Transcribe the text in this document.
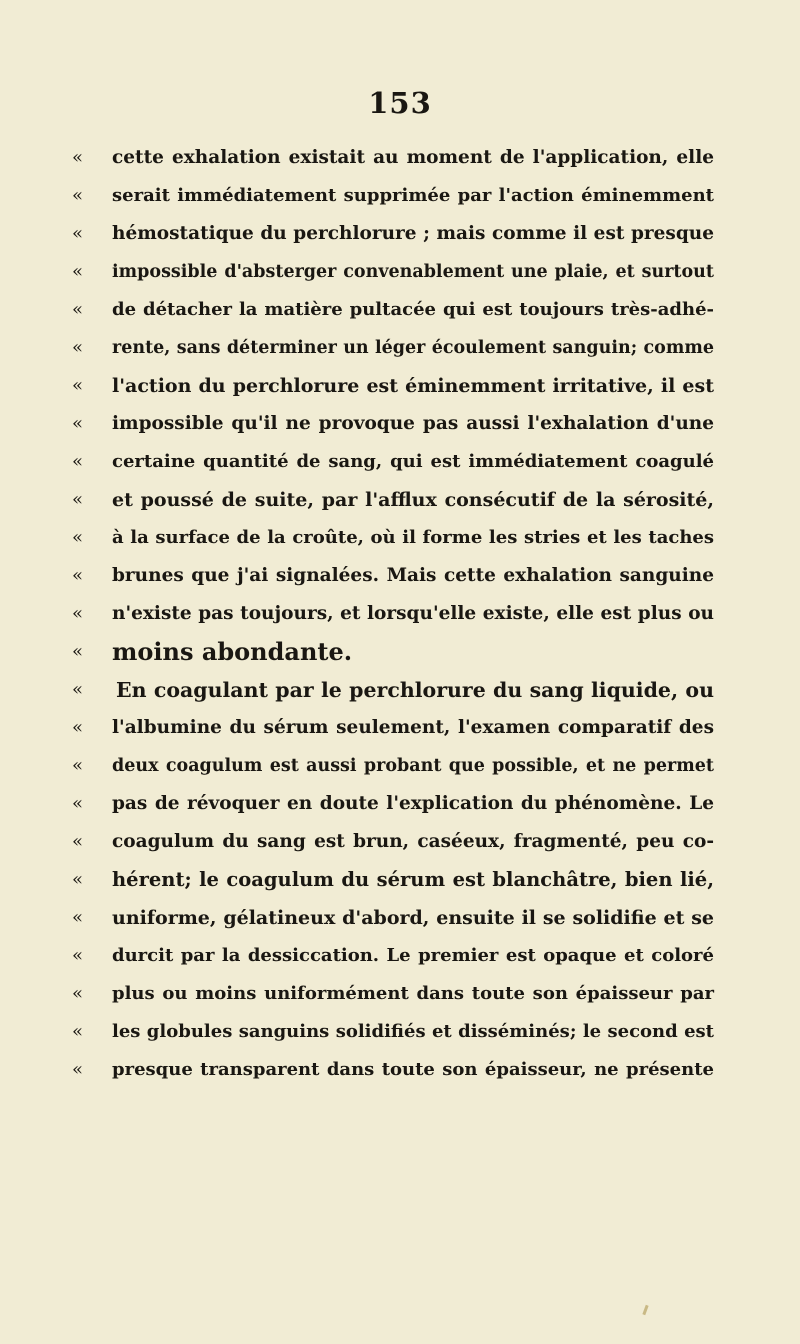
153
«	cette exhalation existait au moment de l'application, elle
«	serait immédiatement supprimée par l'action éminemment
«	hémostatique du perchlorure ; mais comme il est presque
«	impossible d'absterger convenablement une plaie, et surtout
«	de détacher la matière pultacée qui est toujours très-adhé-
«	rente, sans déterminer un léger écoulement sanguin; comme
«	l'action du perchlorure est éminemment irritative, il est
«	impossible qu'il ne provoque pas aussi l'exhalation d'une
«	certaine quantité de sang, qui est immédiatement coagulé
«	et poussé de suite, par l'afflux consécutif de la sérosité,
«	à la surface de la croûte, où il forme les stries et les taches
«	brunes que j'ai signalées. Mais cette exhalation sanguine
«	n'existe pas toujours, et lorsqu'elle existe, elle est plus ou
«	moins abondante.
«	En coagulant par le perchlorure du sang liquide, ou
«	l'albumine du sérum seulement, l'examen comparatif des
«	deux coagulum est aussi probant que possible, et ne permet
«	pas de révoquer en doute l'explication du phénomène. Le
«	coagulum du sang est brun, caséeux, fragmenté, peu co-
«	hérent; le coagulum du sérum est blanchâtre, bien lié,
«	uniforme, gélatineux d'abord, ensuite il se solidifie et se
«	durcit par la dessiccation. Le premier est opaque et coloré
«	plus ou moins uniformément dans toute son épaisseur par
«	les globules sanguins solidifiés et disséminés; le second est
«	presque transparent dans toute son épaisseur, ne présente
